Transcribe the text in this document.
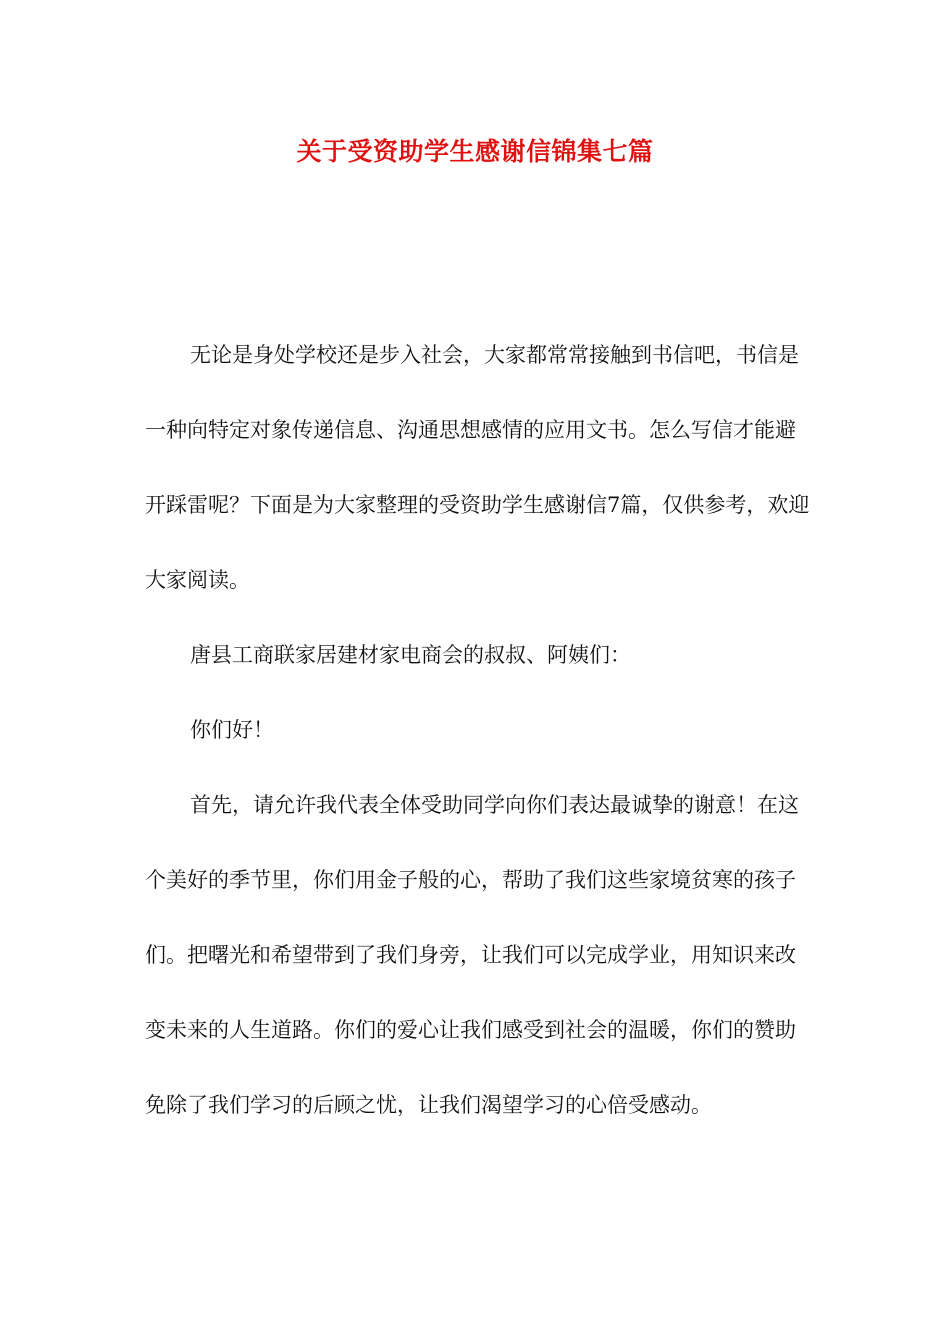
关于受资助学生感谢信锦集七篇

无论是身处学校还是步入社会，大家都常常接触到书信吧，书信是一种向特定对象传递信息、沟通思想感情的应用文书。怎么写信才能避开踩雷呢？下面是为大家整理的受资助学生感谢信7篇，仅供参考，欢迎大家阅读。

唐县工商联家居建材家电商会的叔叔、阿姨们：

你们好！

首先，请允许我代表全体受助同学向你们表达最诚挚的谢意！在这个美好的季节里，你们用金子般的心，帮助了我们这些家境贫寒的孩子们。把曙光和希望带到了我们身旁，让我们可以完成学业，用知识来改变未来的人生道路。你们的爱心让我们感受到社会的温暖，你们的赞助免除了我们学习的后顾之忧，让我们渴望学习的心倍受感动。
